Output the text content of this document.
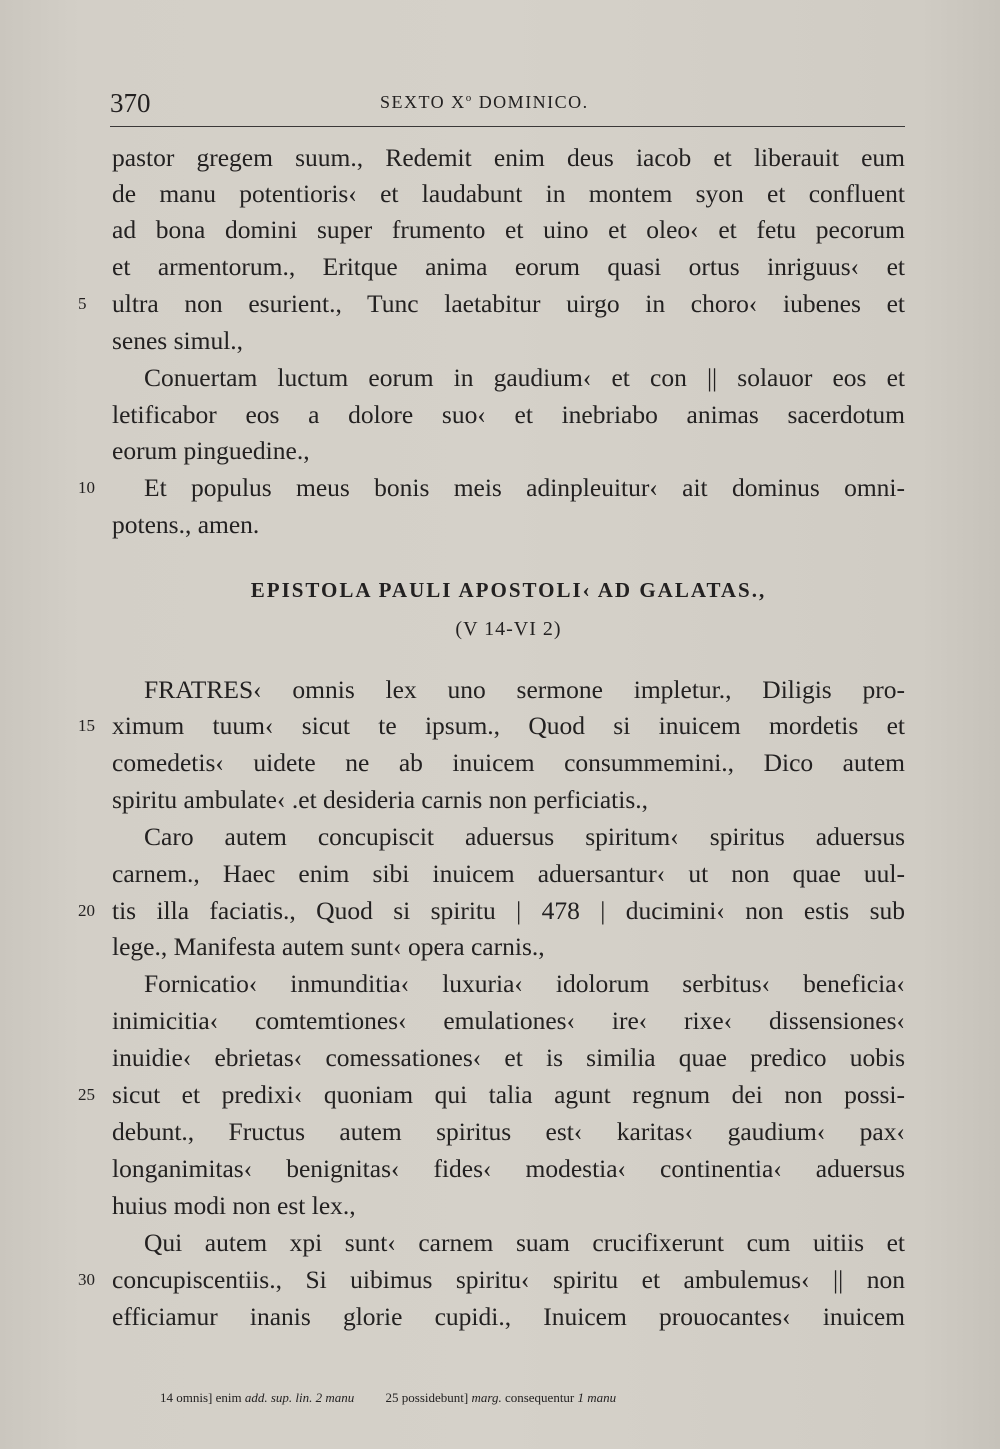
370	SEXTO $X^o$ DOMINICO.
pastor gregem suum., Redemit enim deus iacob et liberauit eum
de manu potentioris‹ et laudabunt in montem syon et confluent
ad bona domini super frumento et uino et oleo‹ et fetu pecorum
et armentorum., Eritque anima eorum quasi ortus inriguus‹ et
ultra non esurient., Tunc laetabitur uirgo in choro‹ iubenes et
senes simul.,
Conuertam luctum eorum in gaudium‹ et con || solauor eos et
letificabor eos a dolore suo‹ et inebriabo animas sacerdotum
eorum pinguedine.,
Et populus meus bonis meis adinpleuitur‹ ait dominus omni-
potens., amen.
5
10
EPISTOLA PAULI APOSTOLI‹ AD GALATAS.,
(V 14-VI 2)
FRATRES‹ omnis lex uno sermone impletur., Diligis pro-
ximum tuum‹ sicut te ipsum., Quod si inuicem mordetis et
comedetis‹ uidete ne ab inuicem consummemini., Dico autem
spiritu ambulate‹ .et desideria carnis non perficiatis.,
Caro autem concupiscit aduersus spiritum‹ spiritus aduersus
carnem., Haec enim sibi inuicem aduersantur‹ ut non quae uul-
tis illa faciatis., Quod si spiritu | 478 | ducimini‹ non estis sub
lege., Manifesta autem sunt‹ opera carnis.,
Fornicatio‹ inmunditia‹ luxuria‹ idolorum serbitus‹ beneficia‹
inimicitia‹ comtemtiones‹ emulationes‹ ire‹ rixe‹ dissensiones‹
inuidie‹ ebrietas‹ comessationes‹ et is similia quae predico uobis
sicut et predixi‹ quoniam qui talia agunt regnum dei non possi-
debunt., Fructus autem spiritus est‹ karitas‹ gaudium‹ pax‹
longanimitas‹ benignitas‹ fides‹ modestia‹ continentia‹ aduersus
huius modi non est lex.,
Qui autem xpi sunt‹ carnem suam crucifixerunt cum uitiis et
concupiscentiis., Si uibimus spiritu‹ spiritu et ambulemus‹ || non
efficiamur inanis glorie cupidi., Inuicem prouocantes‹ inuicem
15
20
25
30
14 omnis] enim add. sup. lin. 2 manu 25 possidebunt] marg. consequentur 1 manu
